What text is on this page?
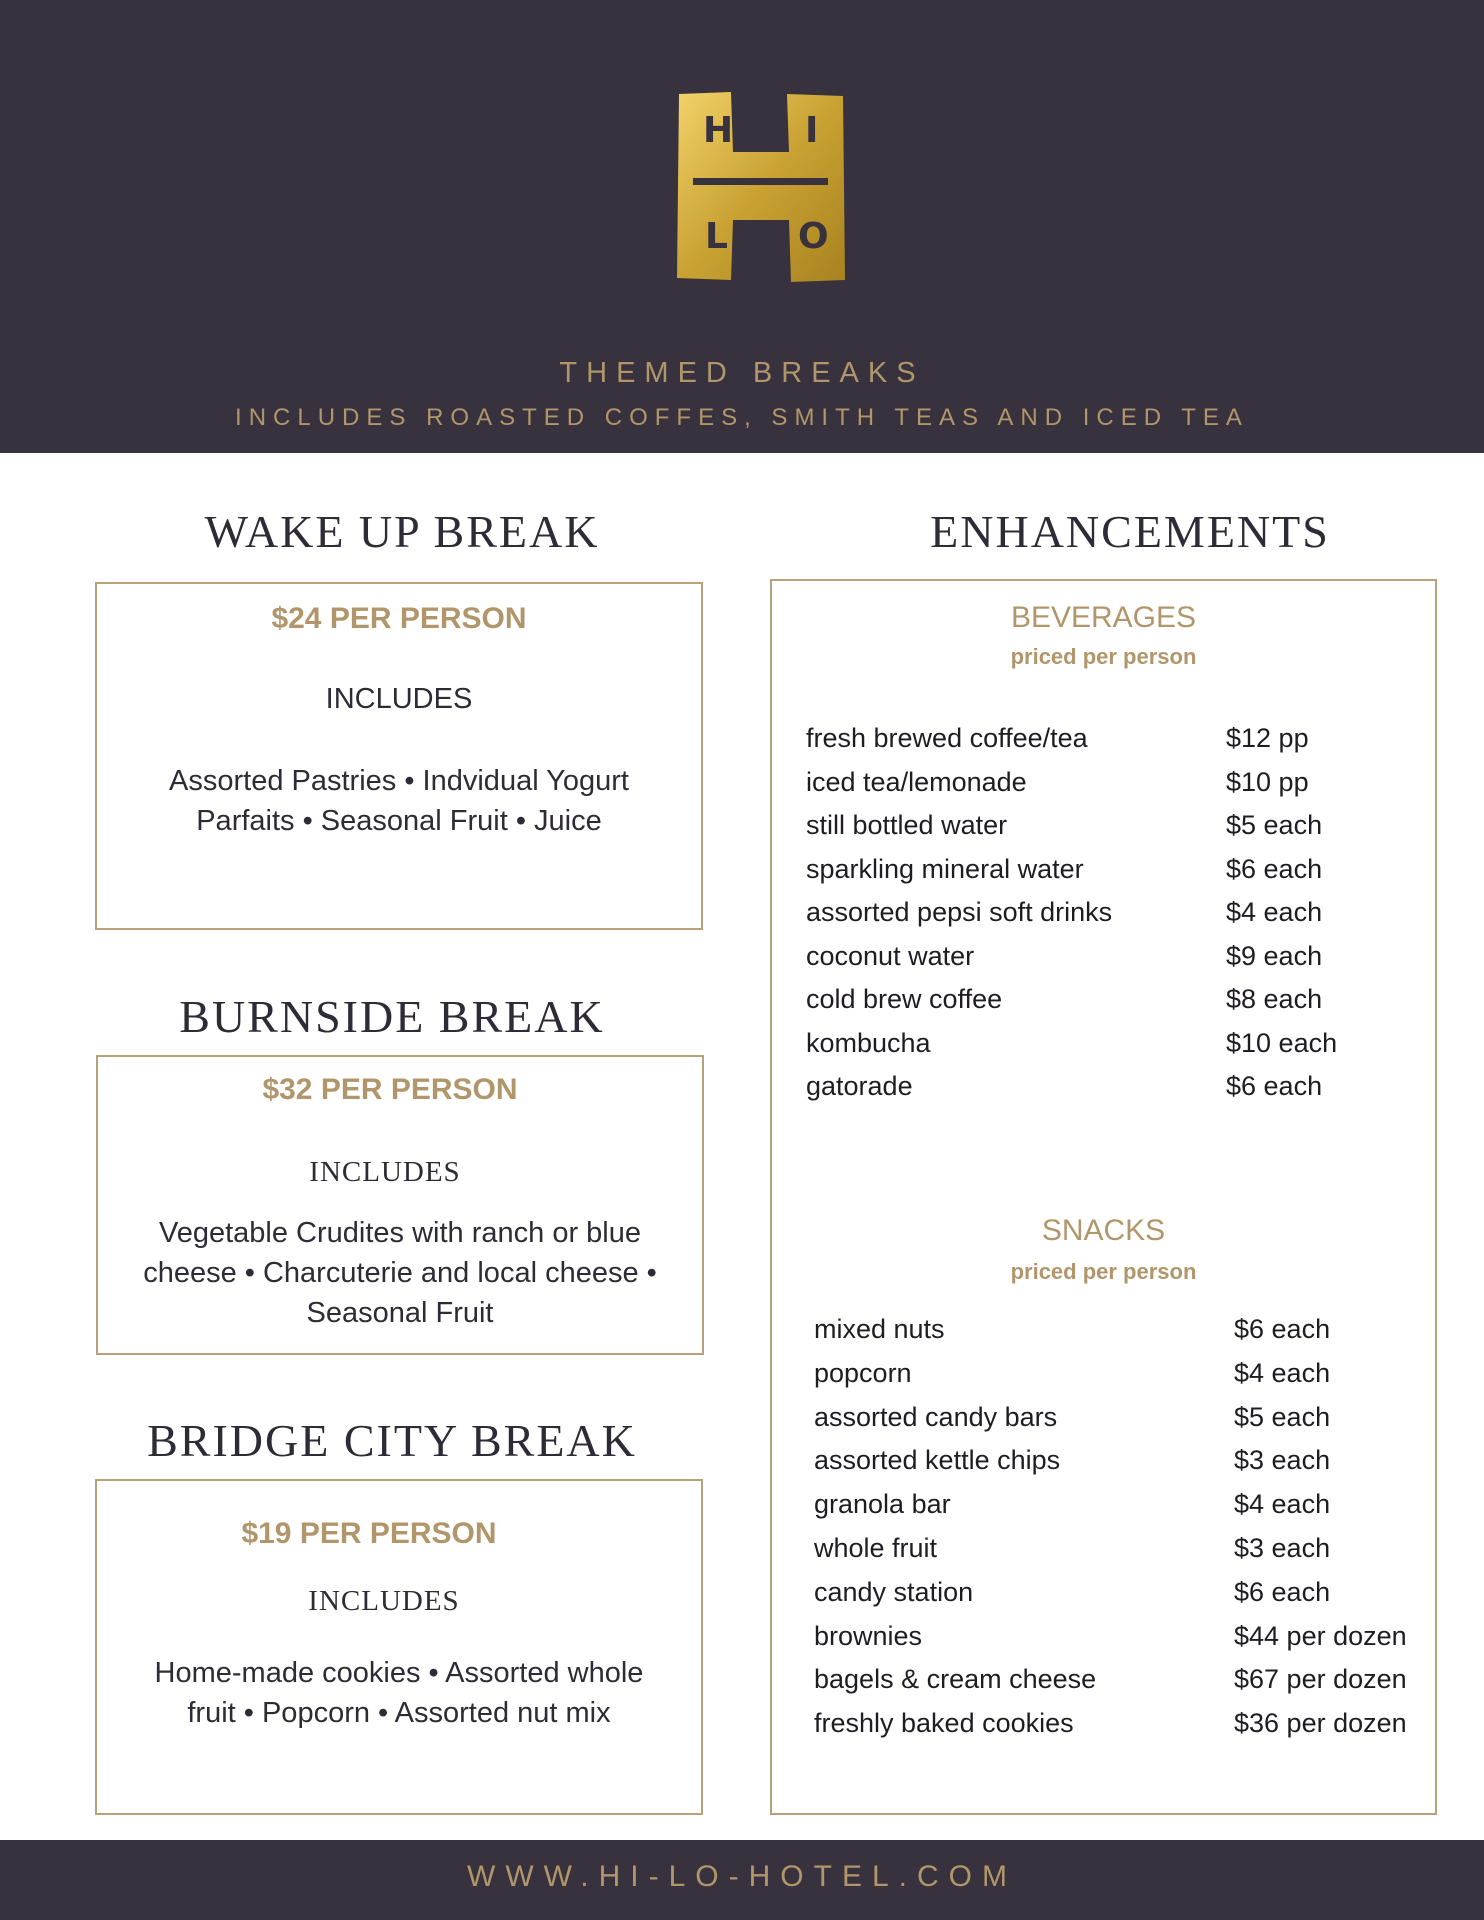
H I
L O
THEMED BREAKS
INCLUDES ROASTED COFFES, SMITH TEAS AND ICED TEA
WAKE UP BREAK
$24 PER PERSON
INCLUDES
Assorted Pastries • Indvidual Yogurt
Parfaits • Seasonal Fruit • Juice
BURNSIDE BREAK
$32 PER PERSON
INCLUDES
Vegetable Crudites with ranch or blue
cheese • Charcuterie and local cheese •
Seasonal Fruit
BRIDGE CITY BREAK
$19 PER PERSON
INCLUDES
Home-made cookies • Assorted whole
fruit • Popcorn • Assorted nut mix
ENHANCEMENTS
BEVERAGES
priced per person
fresh brewed coffee/tea	$12 pp
iced tea/lemonade	$10 pp
still bottled water	$5 each
sparkling mineral water	$6 each
assorted pepsi soft drinks	$4 each
coconut water	$9 each
cold brew coffee	$8 each
kombucha	$10 each
gatorade	$6 each
SNACKS
priced per person
mixed nuts	$6 each
popcorn	$4 each
assorted candy bars	$5 each
assorted kettle chips	$3 each
granola bar	$4 each
whole fruit	$3 each
candy station	$6 each
brownies	$44 per dozen
bagels & cream cheese	$67 per dozen
freshly baked cookies	$36 per dozen
WWW.HI-LO-HOTEL.COM
